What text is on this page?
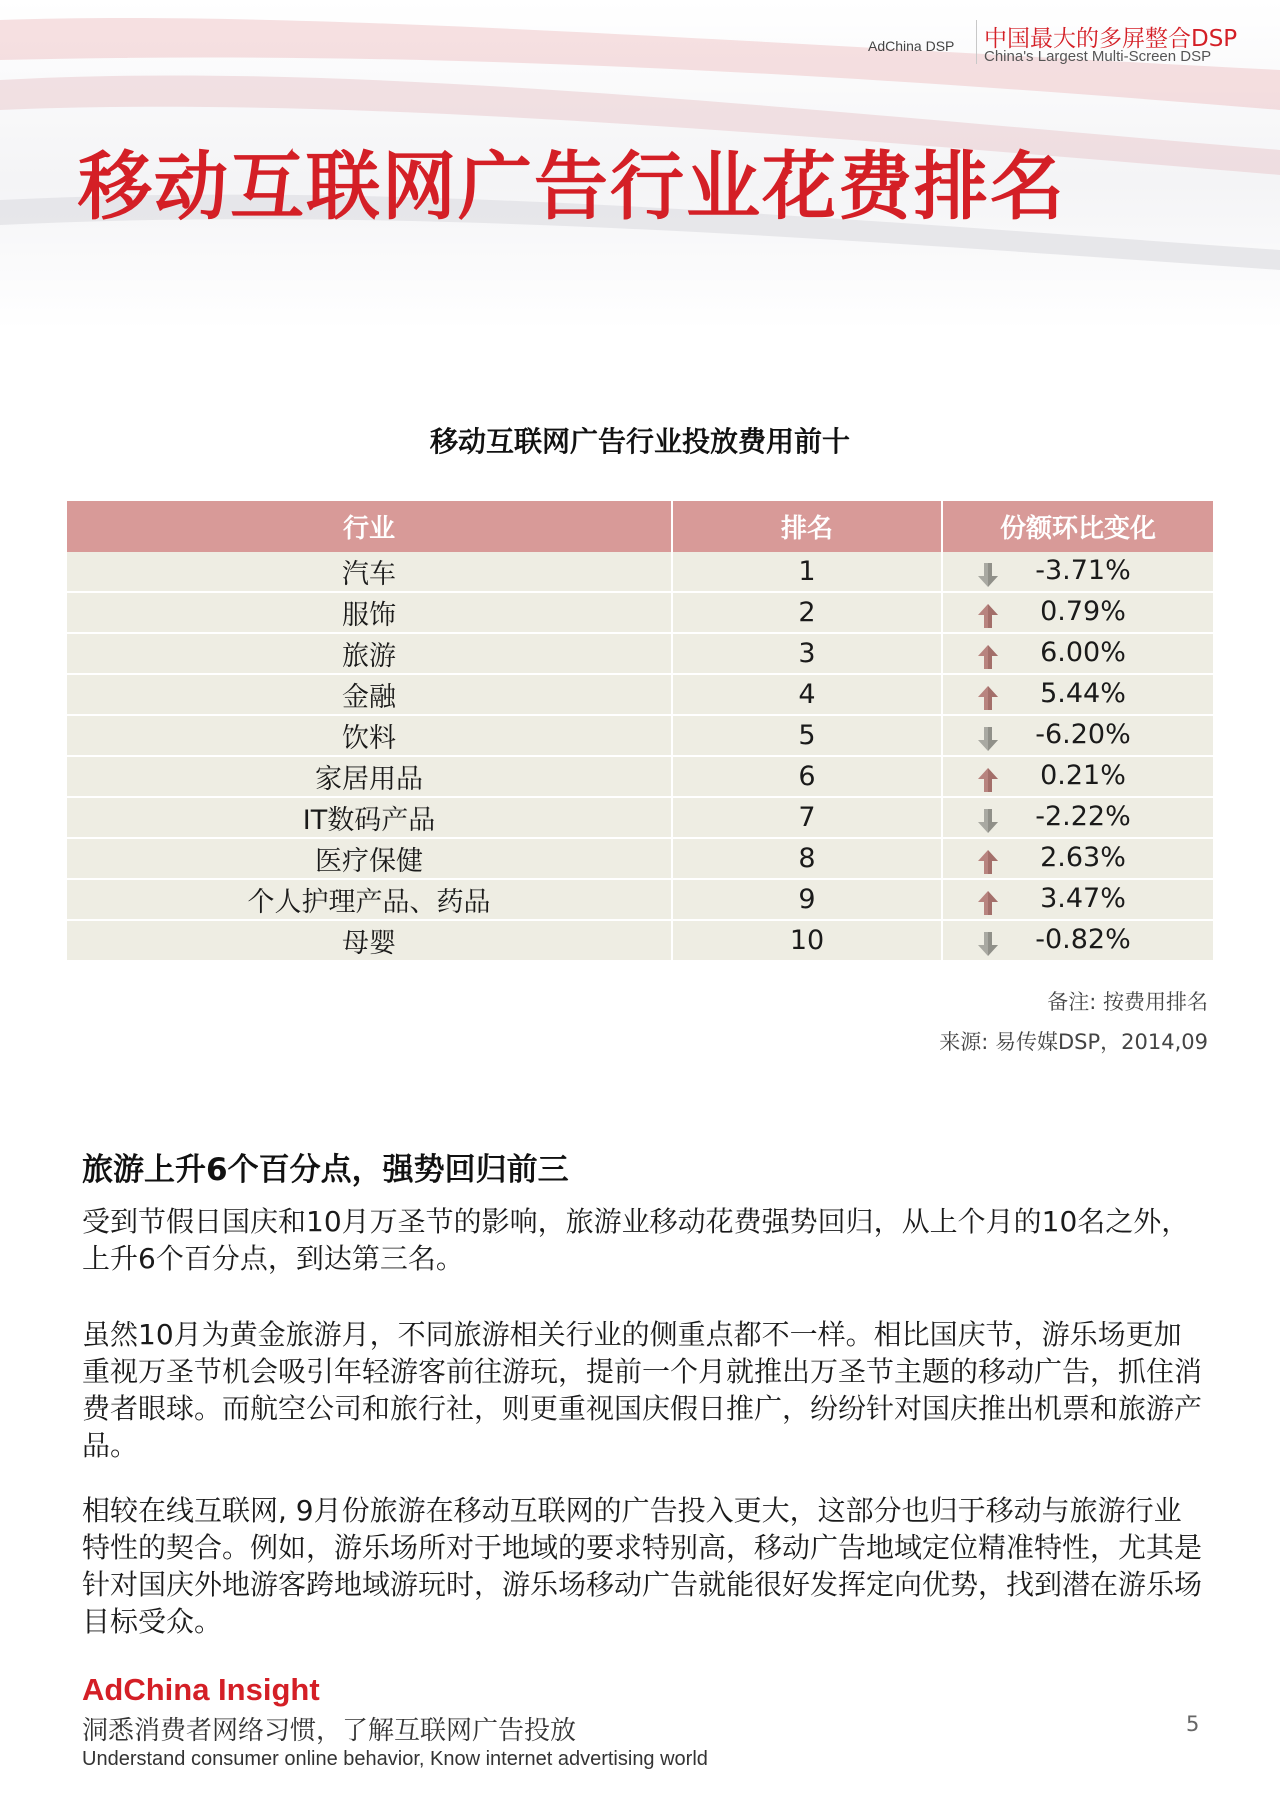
AdChina DSP 中国最大的多屏整合DSP
China's Largest Multi-Screen DSP
移动互联网广告行业花费排名
移动互联网广告行业投放费用前十
行业	排名	份额环比变化
汽车	1	-3.71%

服饰	2	0.79%

旅游	3	6.00%

金融	4	5.44%

饮料	5	-6.20%

家居用品	6	0.21%

IT数码产品	7	-2.22%

医疗保健	8	2.63%

个人护理产品、药品	9	3.47%

母婴	10	-0.82%
备注: 按费用排名
来源: 易传媒DSP，2014,09
旅游上升6个百分点，强势回归前三

受到节假日国庆和10月万圣节的影响，旅游业移动花费强势回归，从上个月的10名之外，上升6个百分点，到达第三名。

虽然10月为黄金旅游月，不同旅游相关行业的侧重点都不一样。相比国庆节，游乐场更加重视万圣节机会吸引年轻游客前往游玩，提前一个月就推出万圣节主题的移动广告，抓住消费者眼球。而航空公司和旅行社，则更重视国庆假日推广，纷纷针对国庆推出机票和旅游产品。

相较在线互联网, 9月份旅游在移动互联网的广告投入更大，这部分也归于移动与旅游行业特性的契合。例如，游乐场所对于地域的要求特别高，移动广告地域定位精准特性，尤其是针对国庆外地游客跨地域游玩时，游乐场移动广告就能很好发挥定向优势，找到潜在游乐场目标受众。

AdChina Insight
洞悉消费者网络习惯，了解互联网广告投放
Understand consumer online behavior, Know internet advertising world
5
